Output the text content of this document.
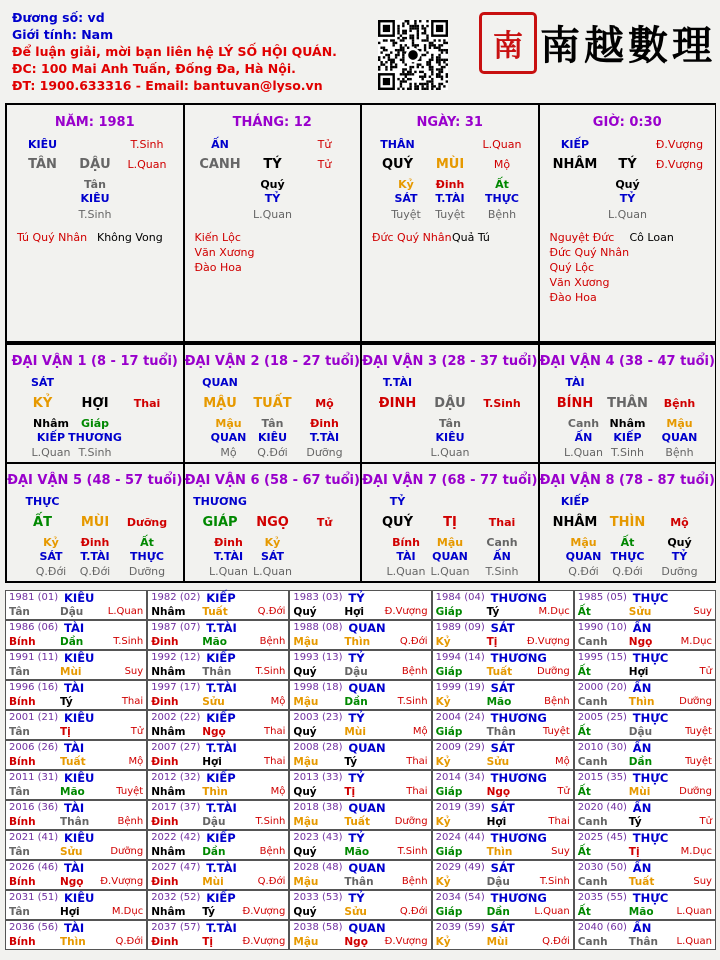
Đương số: vd
Giới tính: Nam
Để luận giải, mời bạn liên hệ LÝ SỐ HỘI QUÁN.
ĐC: 100 Mai Anh Tuấn, Đống Đa, Hà Nội.
ĐT: 1900.633316 - Email: bantuvan@lyso.vn
南 南越數理
NĂM: 1981
KIÊU	T.Sinh
TÂN	DẬU	L.Quan
Tân
KIÊU
T.Sinh
Tú Quý Nhân Không Vong
THÁNG: 12
ẤN	Tử
CANH	TÝ	Tử
Quý
TỶ
L.Quan
Kiến Lộc
Văn Xương
Đào Hoa
NGÀY: 31
THÂN	L.Quan
QUÝ	MÙI	Mộ
Kỷ
SÁT
Tuyệt
Đinh
T.TÀI
Tuyệt
Ất
THỰC
Bệnh
Đức Quý Nhân Quả Tú
GIỜ: 0:30
KIẾP	Đ.Vượng
NHÂM	TÝ	Đ.Vượng
Quý
TỶ
L.Quan
Nguyệt Đức Cô Loan
Đức Quý Nhân
Quý Lộc
Văn Xương
Đào Hoa
ĐẠI VẬN 1 (8 - 17 tuổi)
SÁT
KỶ	HỢI	Thai
Nhâm
KIẾP
L.Quan
Giáp
THƯƠNG
T.Sinh
ĐẠI VẬN 2 (18 - 27 tuổi)
QUAN
MẬU	TUẤT	Mộ
Mậu
QUAN
Mộ
Tân
KIÊU
Q.Đới
Đinh
T.TÀI
Dưỡng
ĐẠI VẬN 3 (28 - 37 tuổi)
T.TÀI
ĐINH	DẬU	T.Sinh
Tân
KIÊU
L.Quan
ĐẠI VẬN 4 (38 - 47 tuổi)
TÀI
BÍNH	THÂN	Bệnh
Canh
ẤN
L.Quan
Nhâm
KIẾP
T.Sinh
Mậu
QUAN
Bệnh
ĐẠI VẬN 5 (48 - 57 tuổi)
THỰC
ẤT	MÙI	Dưỡng
Kỷ
SÁT
Q.Đới
Đinh
T.TÀI
Q.Đới
Ất
THỰC
Dưỡng
ĐẠI VẬN 6 (58 - 67 tuổi)
THƯƠNG
GIÁP	NGỌ	Tử
Đinh
T.TÀI
L.Quan
Kỷ
SÁT
L.Quan
ĐẠI VẬN 7 (68 - 77 tuổi)
TỶ
QUÝ	TỊ	Thai
Bính
TÀI
L.Quan
Mậu
QUAN
L.Quan
Canh
ẤN
T.Sinh
ĐẠI VẬN 8 (78 - 87 tuổi)
KIẾP
NHÂM THÌN	Mộ
Mậu
QUAN
Q.Đới
Ất
THỰC
Q.Đới
Quý
TỶ
Dưỡng
1981 (01) KIÊU
Tân	Dậu L.Quan
1982 (02) KIẾP
Nhâm Tuất	Q.Đới
1983 (03) TỶ
Quý	Hợi Đ.Vượng
1984 (04) THƯƠNG
Giáp Tý	M.Dục
1985 (05) THỰC
Ất	Sửu	Suy
1986 (06) TÀI
Bính Dần	T.Sinh
1987 (07) T.TÀI
Đinh Mão	Bệnh
1988 (08) QUAN
Mậu Thìn	Q.Đới
1989 (09) SÁT
Kỷ	Tị	Đ.Vượng
1990 (10) ẤN
Canh Ngọ	M.Dục
1991 (11) KIÊU
Tân	Mùi	Suy
1992 (12) KIẾP
Nhâm Thân T.Sinh
1993 (13) TỶ
Quý	Dậu	Bệnh
1994 (14) THƯƠNG
Giáp Tuất Dưỡng
1995 (15) THỰC
Ất	Hợi	Tử
1996 (16) TÀI
Bính Tý	Thai
1997 (17) T.TÀI
Đinh Sửu	Mộ
1998 (18) QUAN
Mậu Dần	T.Sinh
1999 (19) SÁT
Kỷ	Mão	Bệnh
2000 (20) ẤN
Canh Thìn Dưỡng
2001 (21) KIÊU
Tân	Tị	Tử
2002 (22) KIẾP
Nhâm Ngọ	Thai
2003 (23) TỶ
Quý	Mùi	Mộ
2004 (24) THƯƠNG
Giáp Thân	Tuyệt
2005 (25) THỰC
Ất	Dậu	Tuyệt
2006 (26) TÀI
Bính Tuất	Mộ
2007 (27) T.TÀI
Đinh Hợi	Thai
2008 (28) QUAN
Mậu Tý	Thai
2009 (29) SÁT
Kỷ	Sửu	Mộ
2010 (30) ẤN
Canh Dần	Tuyệt
2011 (31) KIÊU
Tân	Mão	Tuyệt
2012 (32) KIẾP
Nhâm Thìn	Mộ
2013 (33) TỶ
Quý	Tị	Thai
2014 (34) THƯƠNG
Giáp Ngọ	Tử
2015 (35) THỰC
Ất	Mùi	Dưỡng
2016 (36) TÀI
Bính Thân	Bệnh
2017 (37) T.TÀI
Đinh Dậu	T.Sinh
2018 (38) QUAN
Mậu Tuất Dưỡng
2019 (39) SÁT
Kỷ	Hợi	Thai
2020 (40) ẤN
Canh Tý	Tử
2021 (41) KIÊU
Tân	Sửu	Dưỡng
2022 (42) KIẾP
Nhâm Dần	Bệnh
2023 (43) TỶ
Quý	Mão	T.Sinh
2024 (44) THƯƠNG
Giáp Thìn	Suy
2025 (45) THỰC
Ất	Tị	M.Dục
2026 (46) TÀI
Bính Ngọ Đ.Vượng
2027 (47) T.TÀI
Đinh Mùi	Q.Đới
2028 (48) QUAN
Mậu Thân	Bệnh
2029 (49) SÁT
Kỷ	Dậu	T.Sinh
2030 (50) ẤN
Canh Tuất	Suy
2031 (51) KIÊU
Tân	Hợi	M.Dục
2032 (52) KIẾP
Nhâm Tý	Đ.Vượng
2033 (53) TỶ
Quý	Sửu	Q.Đới
2034 (54) THƯƠNG
Giáp Dần L.Quan
2035 (55) THỰC
Ất	Mão L.Quan
2036 (56) TÀI
Bính Thìn	Q.Đới
2037 (57) T.TÀI
Đinh Tị	Đ.Vượng
2038 (58) QUAN
Mậu Ngọ Đ.Vượng
2039 (59) SÁT
Kỷ	Mùi	Q.Đới
2040 (60) ẤN
Canh Thân L.Quan
